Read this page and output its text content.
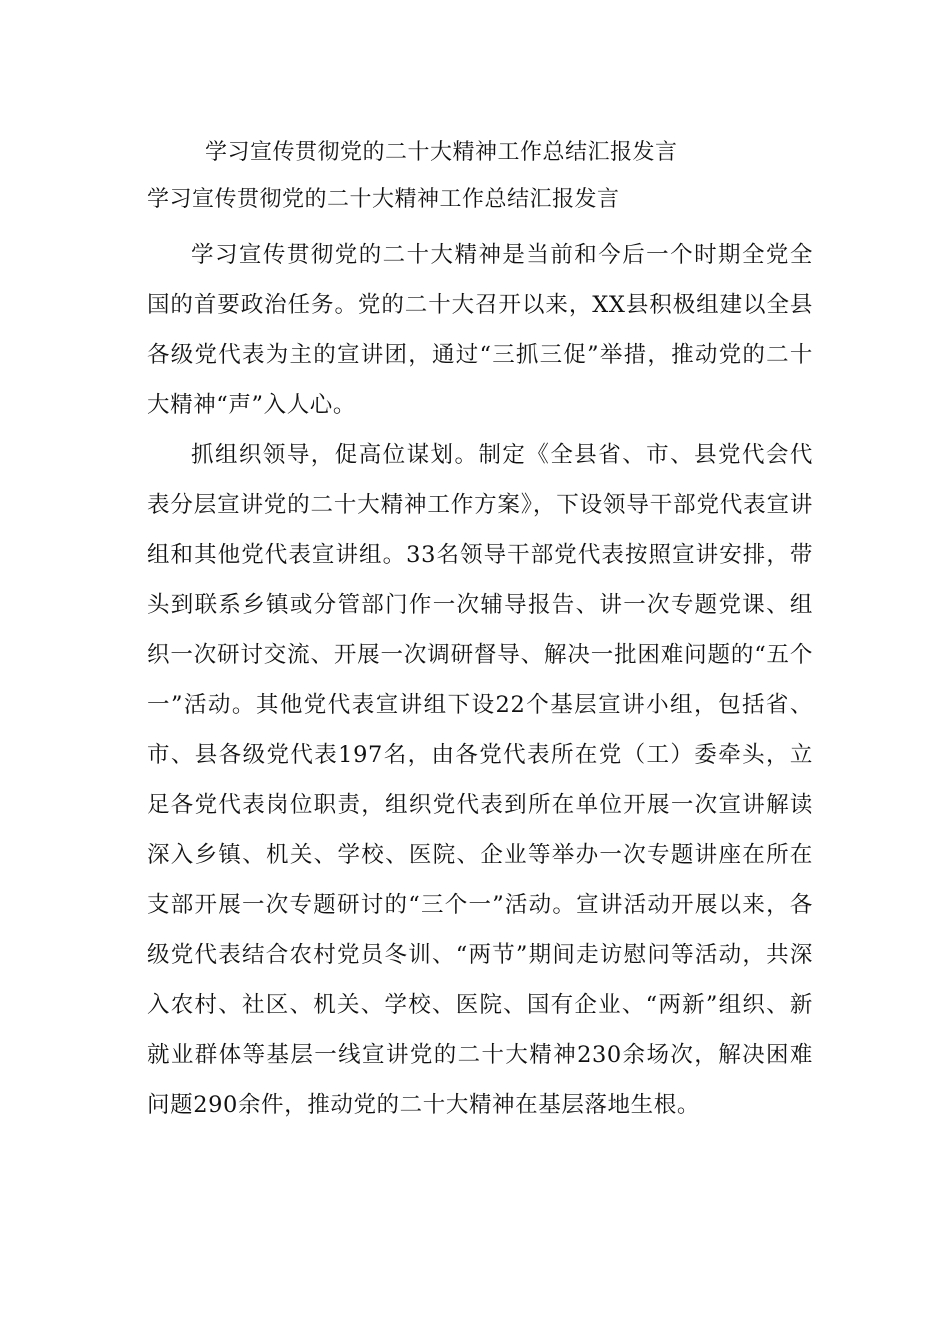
学习宣传贯彻党的二十大精神工作总结汇报发言
学习宣传贯彻党的二十大精神工作总结汇报发言

学习宣传贯彻党的二十大精神是当前和今后一个时期全党全国的首要政治任务。党的二十大召开以来，XX县积极组建以全县各级党代表为主的宣讲团，通过“三抓三促”举措，推动党的二十大精神“声”入人心。

抓组织领导，促高位谋划。制定《全县省、市、县党代会代表分层宣讲党的二十大精神工作方案》，下设领导干部党代表宣讲组和其他党代表宣讲组。33名领导干部党代表按照宣讲安排，带头到联系乡镇或分管部门作一次辅导报告、讲一次专题党课、组织一次研讨交流、开展一次调研督导、解决一批困难问题的“五个一”活动。其他党代表宣讲组下设22个基层宣讲小组，包括省、市、县各级党代表197名，由各党代表所在党（工）委牵头，立足各党代表岗位职责，组织党代表到所在单位开展一次宣讲解读深入乡镇、机关、学校、医院、企业等举办一次专题讲座在所在支部开展一次专题研讨的“三个一”活动。宣讲活动开展以来，各级党代表结合农村党员冬训、“两节”期间走访慰问等活动，共深入农村、社区、机关、学校、医院、国有企业、“两新”组织、新就业群体等基层一线宣讲党的二十大精神230余场次，解决困难问题290余件，推动党的二十大精神在基层落地生根。
